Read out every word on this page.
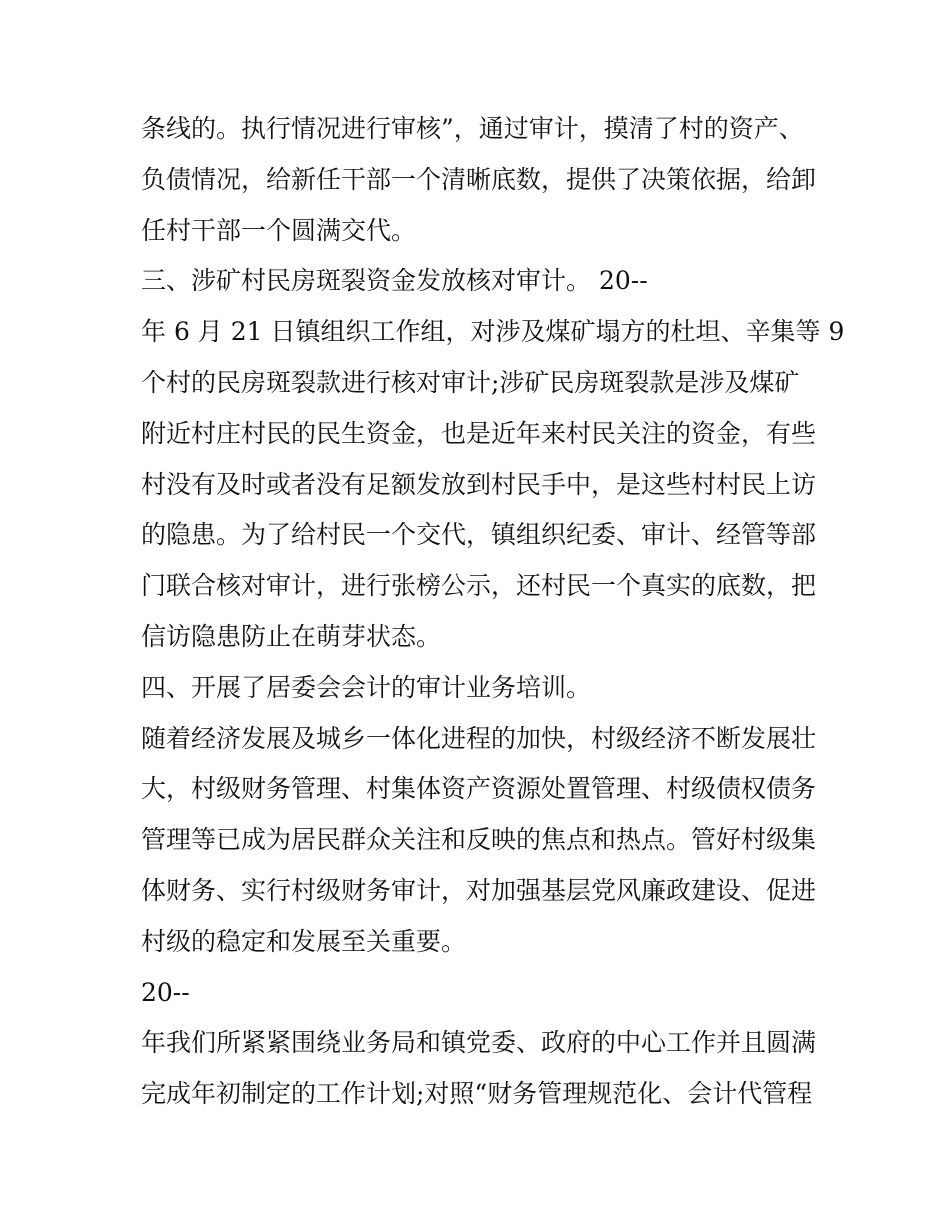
条线的。执行情况进行审核”，通过审计，摸清了村的资产、
负债情况，给新任干部一个清晰底数，提供了决策依据，给卸
任村干部一个圆满交代。
三、涉矿村民房斑裂资金发放核对审计。 20--
年 6 月 21 日镇组织工作组，对涉及煤矿塌方的杜坦、辛集等 9
个村的民房斑裂款进行核对审计;涉矿民房斑裂款是涉及煤矿
附近村庄村民的民生资金，也是近年来村民关注的资金，有些
村没有及时或者没有足额发放到村民手中，是这些村村民上访
的隐患。为了给村民一个交代，镇组织纪委、审计、经管等部
门联合核对审计，进行张榜公示，还村民一个真实的底数，把
信访隐患防止在萌芽状态。
四、开展了居委会会计的审计业务培训。
随着经济发展及城乡一体化进程的加快，村级经济不断发展壮
大，村级财务管理、村集体资产资源处置管理、村级债权债务
管理等已成为居民群众关注和反映的焦点和热点。管好村级集
体财务、实行村级财务审计，对加强基层党风廉政建设、促进
村级的稳定和发展至关重要。
20--
年我们所紧紧围绕业务局和镇党委、政府的中心工作并且圆满
完成年初制定的工作计划;对照“财务管理规范化、会计代管程
